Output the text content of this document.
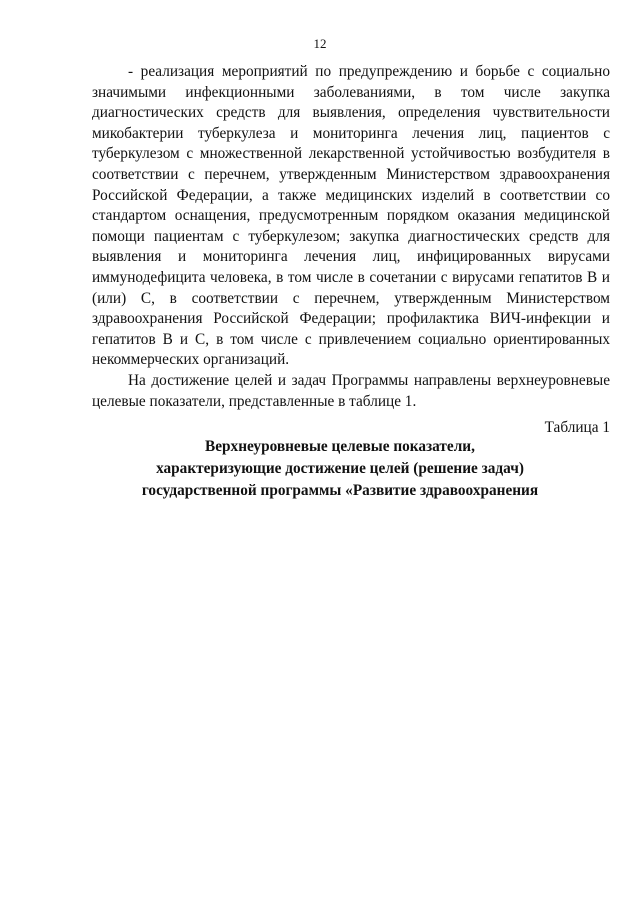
12

- реализация мероприятий по предупреждению и борьбе с социально значимыми инфекционными заболеваниями, в том числе закупка диагностических средств для выявления, определения чувствительности микобактерии туберкулеза и мониторинга лечения лиц, пациентов с туберкулезом с множественной лекарственной устойчивостью возбудителя в соответствии с перечнем, утвержденным Министерством здравоохранения Российской Федерации, а также медицинских изделий в соответствии со стандартом оснащения, предусмотренным порядком оказания медицинской помощи пациентам с туберкулезом; закупка диагностических средств для выявления и мониторинга лечения лиц, инфицированных вирусами иммунодефицита человека, в том числе в сочетании с вирусами гепатитов B и (или) C, в соответствии с перечнем, утвержденным Министерством здравоохранения Российской Федерации; профилактика ВИЧ-инфекции и гепатитов B и C, в том числе с привлечением социально ориентированных некоммерческих организаций.

На достижение целей и задач Программы направлены верхнеуровневые целевые показатели, представленные в таблице 1.

Таблица 1
Верхнеуровневые целевые показатели,
характеризующие достижение целей (решение задач)
государственной программы «Развитие здравоохранения
